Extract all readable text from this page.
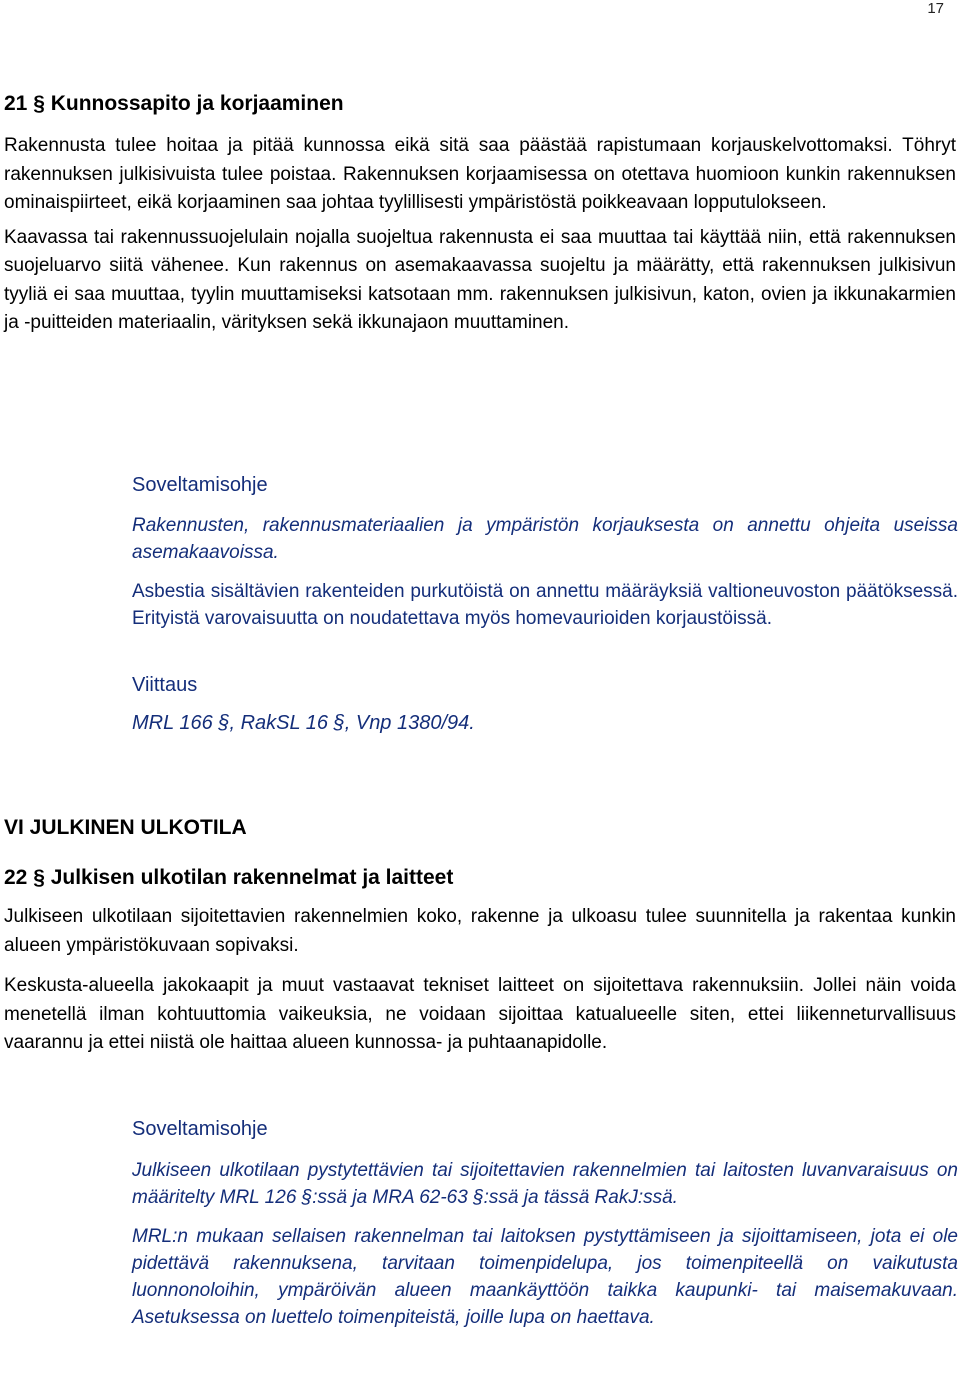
17
21 § Kunnossapito ja korjaaminen

Rakennusta tulee hoitaa ja pitää kunnossa eikä sitä saa päästää rapistumaan korjauskelvottomaksi. Töhryt rakennuksen julkisivuista tulee poistaa. Rakennuksen korjaamisessa on otettava huomioon kunkin rakennuksen ominaispiirteet, eikä korjaaminen saa johtaa tyylillisesti ympäristöstä poikkeavaan lopputulokseen.

Kaavassa tai rakennussuojelulain nojalla suojeltua rakennusta ei saa muuttaa tai käyttää niin, että rakennuksen suojeluarvo siitä vähenee. Kun rakennus on asemakaavassa suojeltu ja määrätty, että rakennuksen julkisivun tyyliä ei saa muuttaa, tyylin muuttamiseksi katsotaan mm. rakennuksen julkisivun, katon, ovien ja ikkunakarmien ja -puitteiden materiaalin, värityksen sekä ikkunajaon muuttaminen.

Soveltamisohje

Rakennusten, rakennusmateriaalien ja ympäristön korjauksesta on annettu ohjeita useissa asemakaavoissa.

Asbestia sisältävien rakenteiden purkutöistä on annettu määräyksiä valtioneuvoston päätöksessä. Erityistä varovaisuutta on noudatettava myös homevaurioiden korjaustöissä.

Viittaus
MRL 166 §, RakSL 16 §, Vnp 1380/94.
VI JULKINEN ULKOTILA
22 § Julkisen ulkotilan rakennelmat ja laitteet

Julkiseen ulkotilaan sijoitettavien rakennelmien koko, rakenne ja ulkoasu tulee suunnitella ja rakentaa kunkin alueen ympäristökuvaan sopivaksi.

Keskusta-alueella jakokaapit ja muut vastaavat tekniset laitteet on sijoitettava rakennuksiin. Jollei näin voida menetellä ilman kohtuuttomia vaikeuksia, ne voidaan sijoittaa katualueelle siten, ettei liikenneturvallisuus vaarannu ja ettei niistä ole haittaa alueen kunnossa- ja puhtaanapidolle.

Soveltamisohje

Julkiseen ulkotilaan pystytettävien tai sijoitettavien rakennelmien tai laitosten luvanvaraisuus on määritelty MRL 126 §:ssä ja MRA 62-63 §:ssä ja tässä RakJ:ssä.

MRL:n mukaan sellaisen rakennelman tai laitoksen pystyttämiseen ja sijoittamiseen, jota ei ole pidettävä rakennuksena, tarvitaan toimenpidelupa, jos toimenpiteellä on vaikutusta luonnonoloihin, ympäröivän alueen maankäyttöön taikka kaupunki- tai maisemakuvaan. Asetuksessa on luettelo toimenpiteistä, joille lupa on haettava.
